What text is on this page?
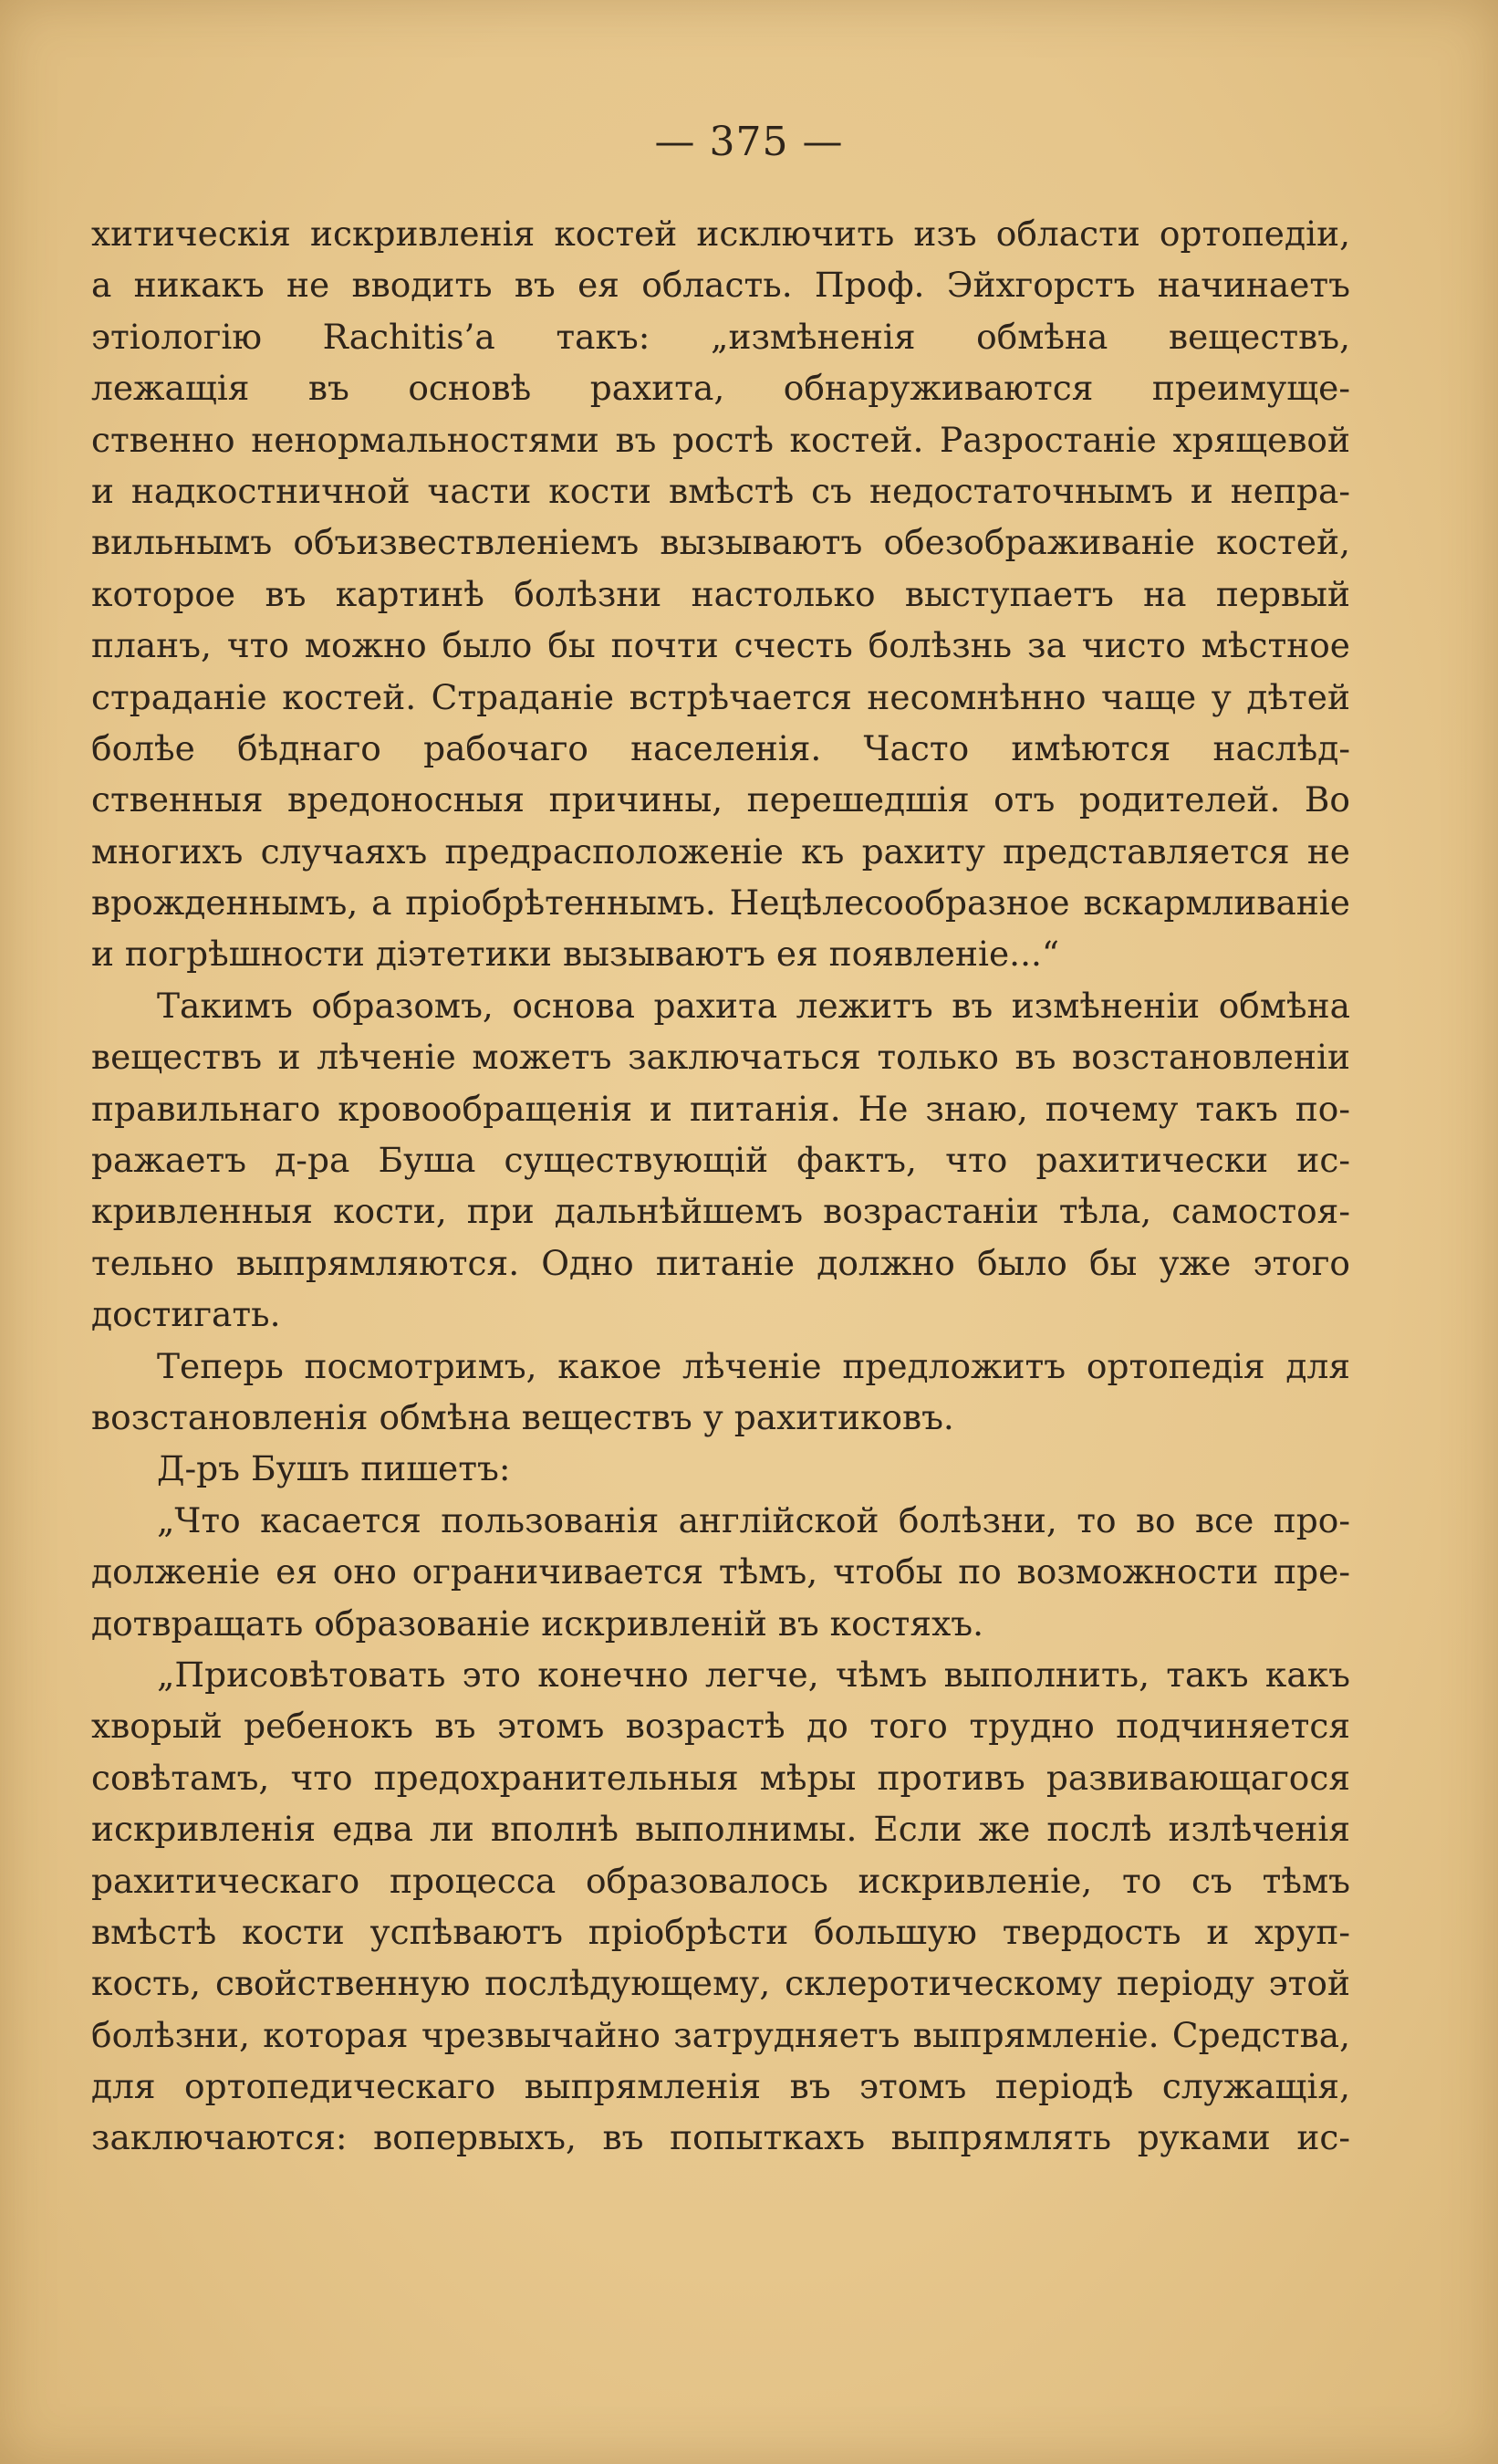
— 375 —
хитическія искривленія костей исключить изъ области ортопедіи,
а никакъ не вводить въ ея область. Проф. Эйхгорстъ начинаетъ
этіологію Rachitis’а такъ: „измѣненія обмѣна веществъ,
лежащія въ основѣ рахита, обнаруживаются преимуще-
ственно ненормальностями въ ростѣ костей. Разростаніе хрящевой
и надкостничной части кости вмѣстѣ съ недостаточнымъ и непра-
вильнымъ объизвествленіемъ вызываютъ обезображиваніе костей,
которое въ картинѣ болѣзни настолько выступаетъ на первый
планъ, что можно было бы почти счесть болѣзнь за чисто мѣстное
страданіе костей. Страданіе встрѣчается несомнѣнно чаще у дѣтей
болѣе бѣднаго рабочаго населенія. Часто имѣются наслѣд-
ственныя вредоносныя причины, перешедшія отъ родителей. Во
многихъ случаяхъ предрасположеніе къ рахиту представляется не
врожденнымъ, а пріобрѣтеннымъ. Нецѣлесообразное вскармливаніе
и погрѣшности діэтетики вызываютъ ея появленіе...“
Такимъ образомъ, основа рахита лежитъ въ измѣненіи обмѣна
веществъ и лѣченіе можетъ заключаться только въ возстановленіи
правильнаго кровообращенія и питанія. Не знаю, почему такъ по-
ражаетъ д-ра Буша существующій фактъ, что рахитически ис-
кривленныя кости, при дальнѣйшемъ возрастаніи тѣла, самостоя-
тельно выпрямляются. Одно питаніе должно было бы уже этого
достигать.
Теперь посмотримъ, какое лѣченіе предложитъ ортопедія для
возстановленія обмѣна веществъ у рахитиковъ.
Д-ръ Бушъ пишетъ:
„Что касается пользованія англійской болѣзни, то во все про-
долженіе ея оно ограничивается тѣмъ, чтобы по возможности пре-
дотвращать образованіе искривленій въ костяхъ.
„Присовѣтовать это конечно легче, чѣмъ выполнить, такъ какъ
хворый ребенокъ въ этомъ возрастѣ до того трудно подчиняется
совѣтамъ, что предохранительныя мѣры противъ развивающагося
искривленія едва ли вполнѣ выполнимы. Если же послѣ излѣченія
рахитическаго процесса образовалось искривленіе, то съ тѣмъ
вмѣстѣ кости успѣваютъ пріобрѣсти большую твердость и хруп-
кость, свойственную послѣдующему, склеротическому періоду этой
болѣзни, которая чрезвычайно затрудняетъ выпрямленіе. Средства,
для ортопедическаго выпрямленія въ этомъ періодѣ служащія,
заключаются: вопервыхъ, въ попыткахъ выпрямлять руками ис-
